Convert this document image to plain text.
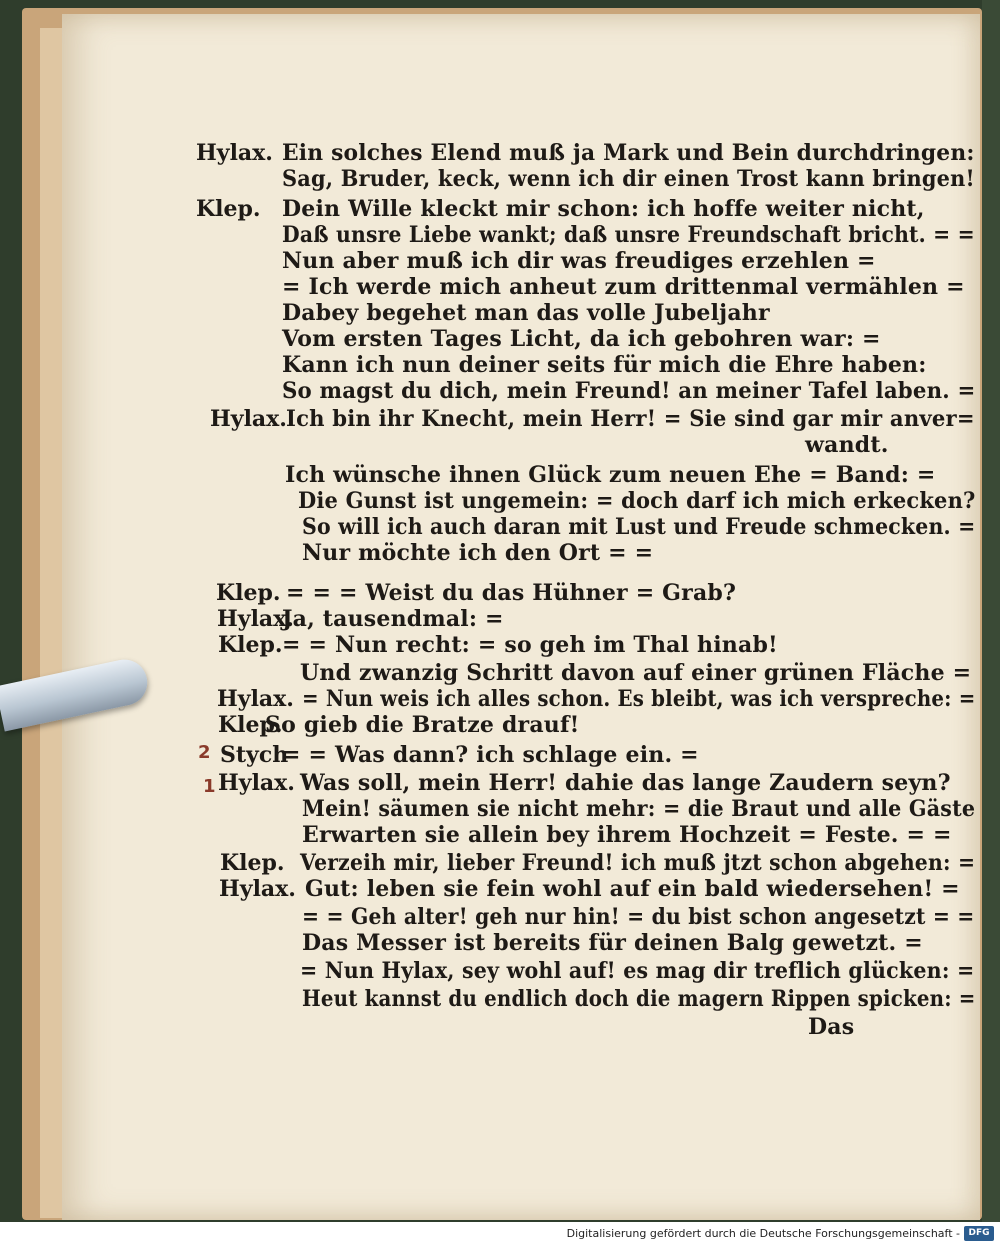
Hylax. Ein solches Elend muß ja Mark und Bein durchdringen:
Sag, Bruder, keck, wenn ich dir einen Trost kann bringen!
Klep. Dein Wille kleckt mir schon: ich hoffe weiter nicht,
Daß unsre Liebe wankt; daß unsre Freundschaft bricht. = =
Nun aber muß ich dir was freudiges erzehlen =
= Ich werde mich anheut zum drittenmal vermählen =
Dabey begehet man das volle Jubeljahr
Vom ersten Tages Licht, da ich gebohren war: =
Kann ich nun deiner seits für mich die Ehre haben:
So magst du dich, mein Freund! an meiner Tafel laben. =
Hylax. Ich bin ihr Knecht, mein Herr! = Sie sind gar mir anver=
wandt.
Ich wünsche ihnen Glück zum neuen Ehe = Band: =
Die Gunst ist ungemein: = doch darf ich mich erkecken?
So will ich auch daran mit Lust und Freude schmecken. =
Nur möchte ich den Ort = =
Klep. = = = Weist du das Hühner = Grab?
Hylax.
Ja, tausendmal: =
Klep. = = Nun recht: = so geh im Thal hinab!
Und zwanzig Schritt davon auf einer grünen Fläche =
Hylax. = Nun weis ich alles schon. Es bleibt, was ich verspreche: =
Klep.
So gieb die Bratze drauf!
Stych
= = Was dann? ich schlage ein. =
Hylax. Was soll, mein Herr! dahie das lange Zaudern seyn?
Mein! säumen sie nicht mehr: = die Braut und alle Gäste
Erwarten sie allein bey ihrem Hochzeit = Feste. = =
Klep. Verzeih mir, lieber Freund! ich muß jtzt schon abgehen: =
Hylax. Gut: leben sie fein wohl auf ein bald wiedersehen! =
= = Geh alter! geh nur hin! = du bist schon angesetzt = =
Das Messer ist bereits für deinen Balg gewetzt. =
= Nun Hylax, sey wohl auf! es mag dir treflich glücken: =
Heut kannst du endlich doch die magern Rippen spicken: =
Das
2
1
Digitalisierung gefördert durch die Deutsche Forschungsgemeinschaft - DFG
